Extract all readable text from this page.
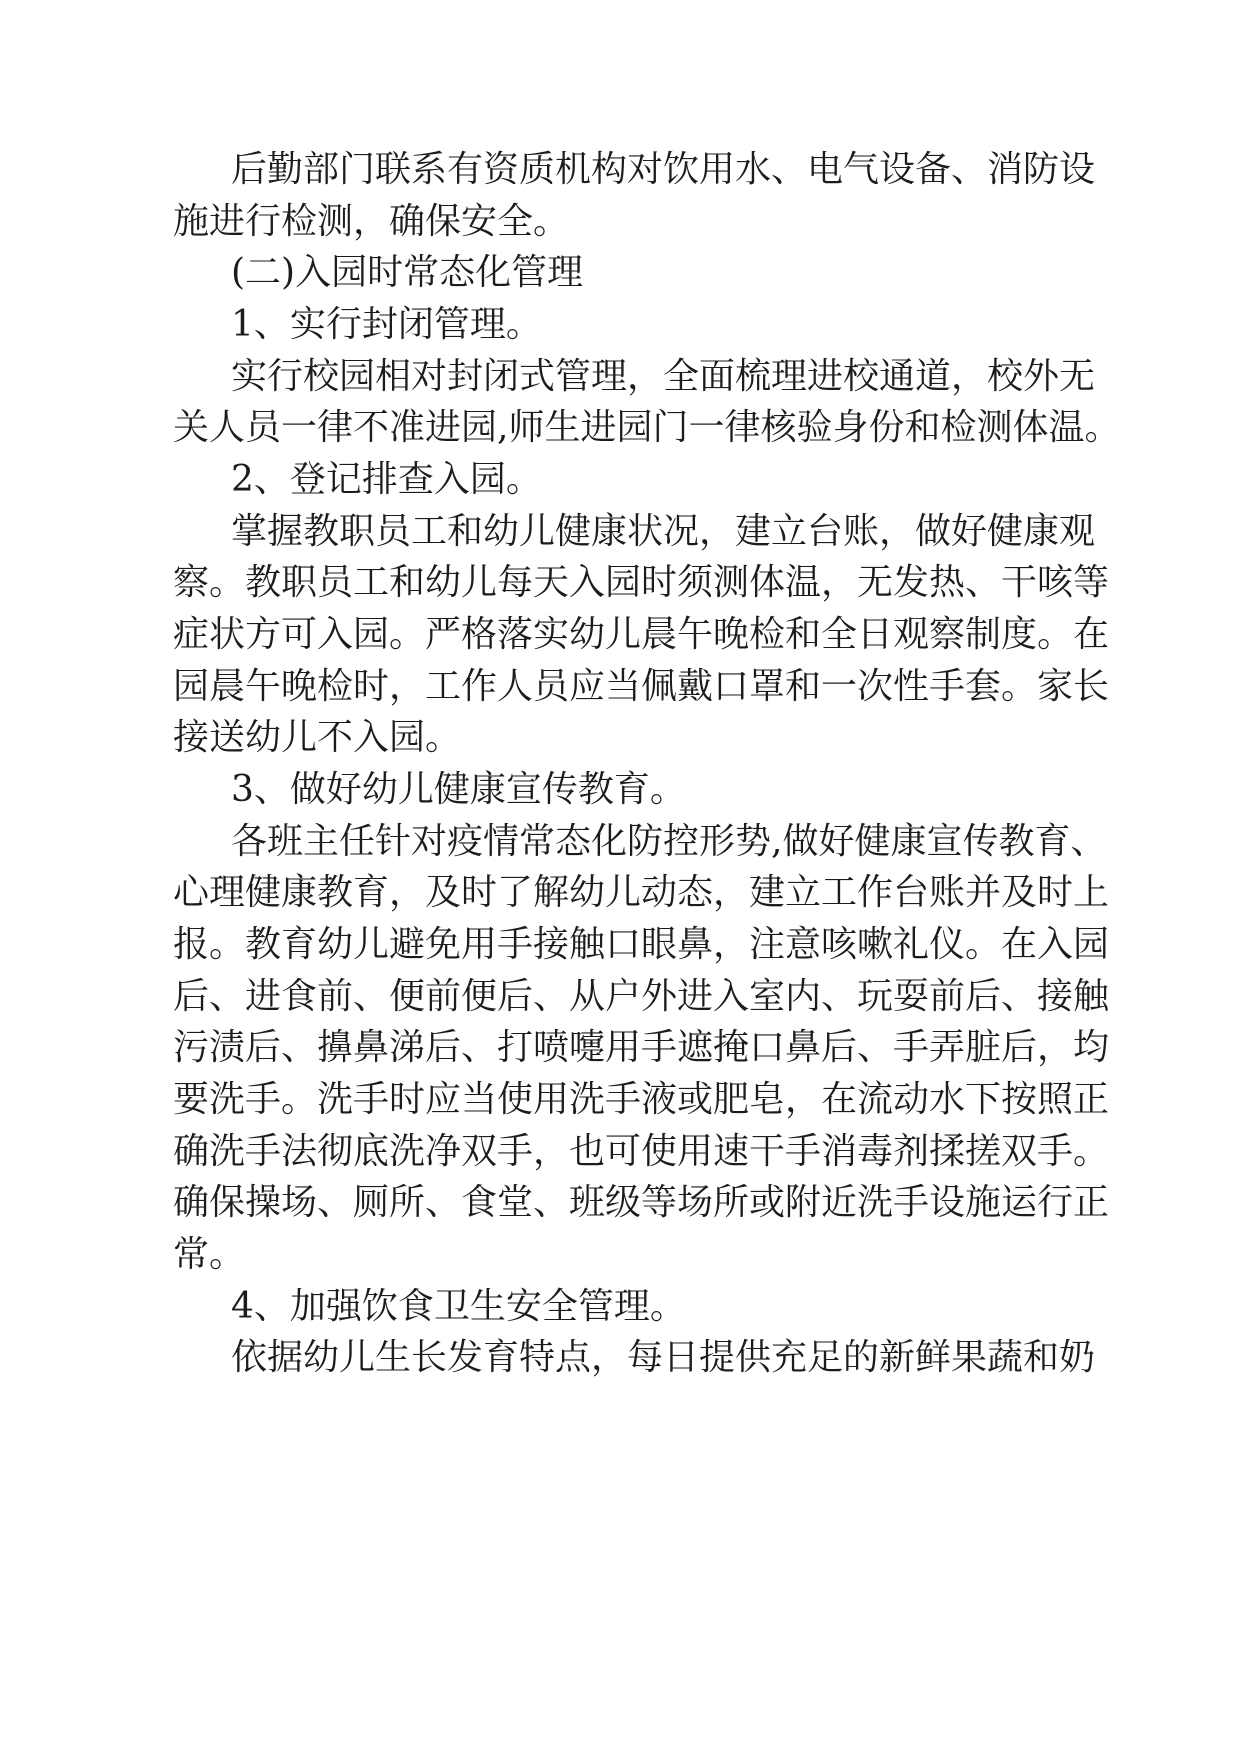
后勤部门联系有资质机构对饮用水、电气设备、消防设
施进行检测，确保安全。
(二)入园时常态化管理
1、实行封闭管理。
实行校园相对封闭式管理，全面梳理进校通道，校外无
关人员一律不准进园,师生进园门一律核验身份和检测体温。
2、登记排查入园。
掌握教职员工和幼儿健康状况，建立台账，做好健康观
察。教职员工和幼儿每天入园时须测体温，无发热、干咳等
症状方可入园。严格落实幼儿晨午晚检和全日观察制度。在
园晨午晚检时，工作人员应当佩戴口罩和一次性手套。家长
接送幼儿不入园。
3、做好幼儿健康宣传教育。
各班主任针对疫情常态化防控形势,做好健康宣传教育、
心理健康教育，及时了解幼儿动态，建立工作台账并及时上
报。教育幼儿避免用手接触口眼鼻，注意咳嗽礼仪。在入园
后、进食前、便前便后、从户外进入室内、玩耍前后、接触
污渍后、擤鼻涕后、打喷嚏用手遮掩口鼻后、手弄脏后，均
要洗手。洗手时应当使用洗手液或肥皂，在流动水下按照正
确洗手法彻底洗净双手，也可使用速干手消毒剂揉搓双手。
确保操场、厕所、食堂、班级等场所或附近洗手设施运行正
常。
4、加强饮食卫生安全管理。
依据幼儿生长发育特点，每日提供充足的新鲜果蔬和奶
